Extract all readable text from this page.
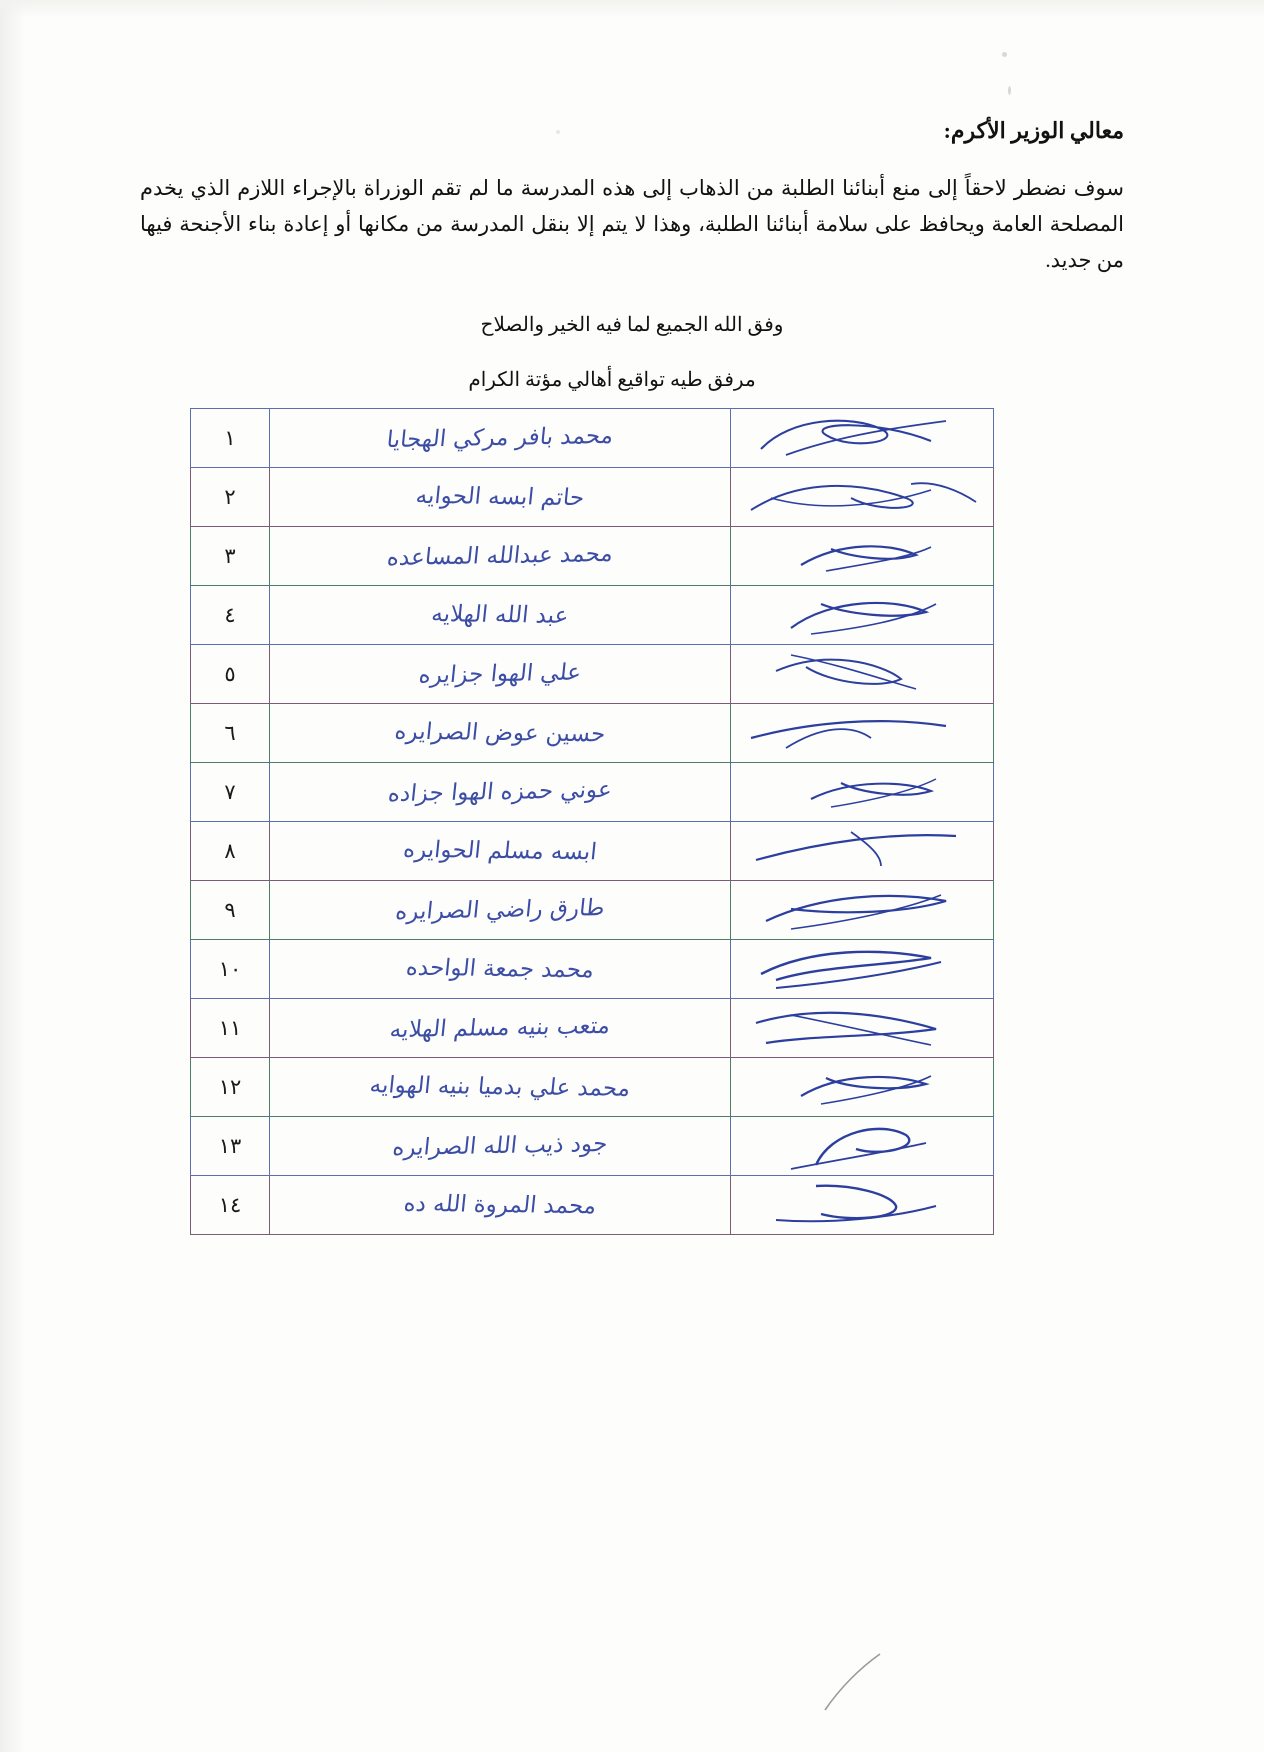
معالي الوزير الأكرم:
سوف نضطر لاحقاً إلى منع أبنائنا الطلبة من الذهاب إلى هذه المدرسة ما لم تقم الوزراة بالإجراء اللازم الذي يخدم المصلحة العامة ويحافظ على سلامة أبنائنا الطلبة، وهذا لا يتم إلا بنقل المدرسة من مكانها أو إعادة بناء الأجنحة فيها من جديد.
وفق الله الجميع لما فيه الخير والصلاح
مرفق طيه تواقيع أهالي مؤتة الكرام

محمد بافر مركي الهجايا	١

حاتم ابسه الحوايه	٢

محمد عبدالله المساعده	٣

عبد الله الهلايه	٤

علي الهوا جزايره	٥

حسين عوض الصرايره	٦

عوني حمزه الهوا جزاده	٧

ابسه مسلم الحوايره	٨

طارق راضي الصرايره	٩

محمد جمعة الواحده	١٠

متعب بنيه مسلم الهلايه	١١

محمد علي بدميا بنيه الهوايه	١٢

جود ذيب الله الصرايره	١٣

محمد المروة الله ده	١٤
